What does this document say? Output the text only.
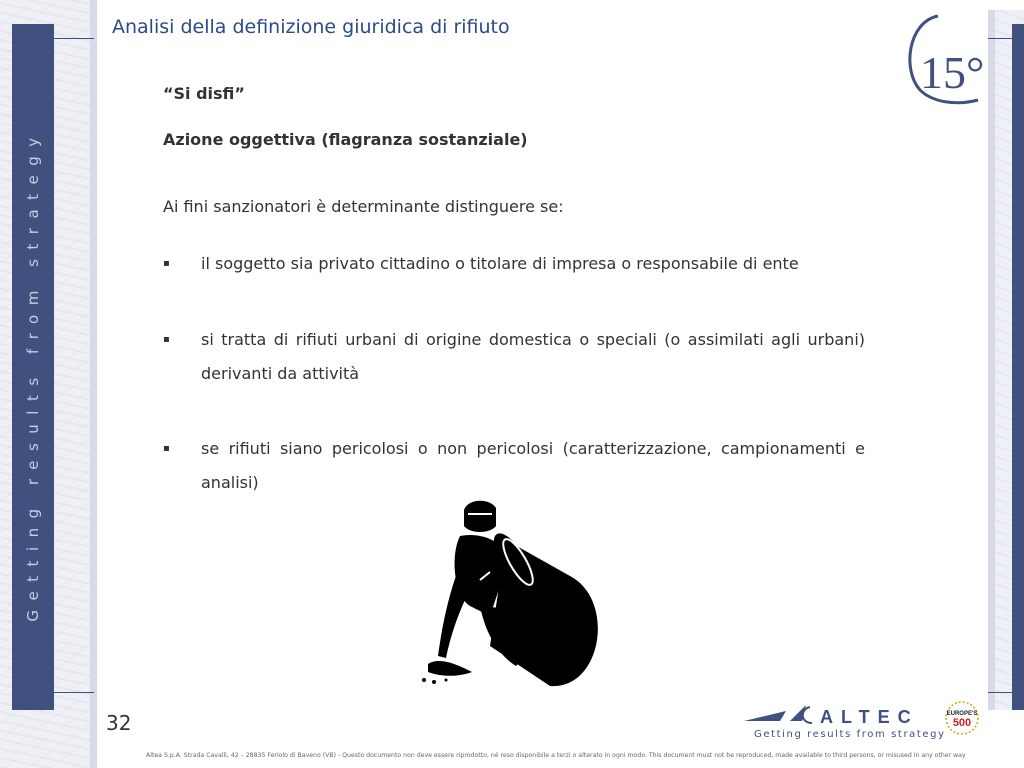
Getting results from strategy
Analisi della definizione giuridica di rifiuto
15°
“Si disfi”
Azione oggettiva (flagranza sostanziale)
Ai fini sanzionatori è determinante distinguere se:
▪ il soggetto sia privato cittadino o titolare di impresa o responsabile di ente
▪ si tratta di rifiuti urbani di origine domestica o speciali (o assimilati agli urbani) derivanti da attività
▪ se rifiuti siano pericolosi o non pericolosi (caratterizzazione, campionamenti e analisi)
32	ALTEC
Getting results from strategy
EUROPE'S
500
Altea S.p.A. Strada Cavalli, 42 – 28835 Feriolo di Baveno (VB) - Questo documento non deve essere riprodotto, né reso disponibile a terzi o alterato in ogni modo. This document must not be reproduced, made available to third persons, or misused in any other way
